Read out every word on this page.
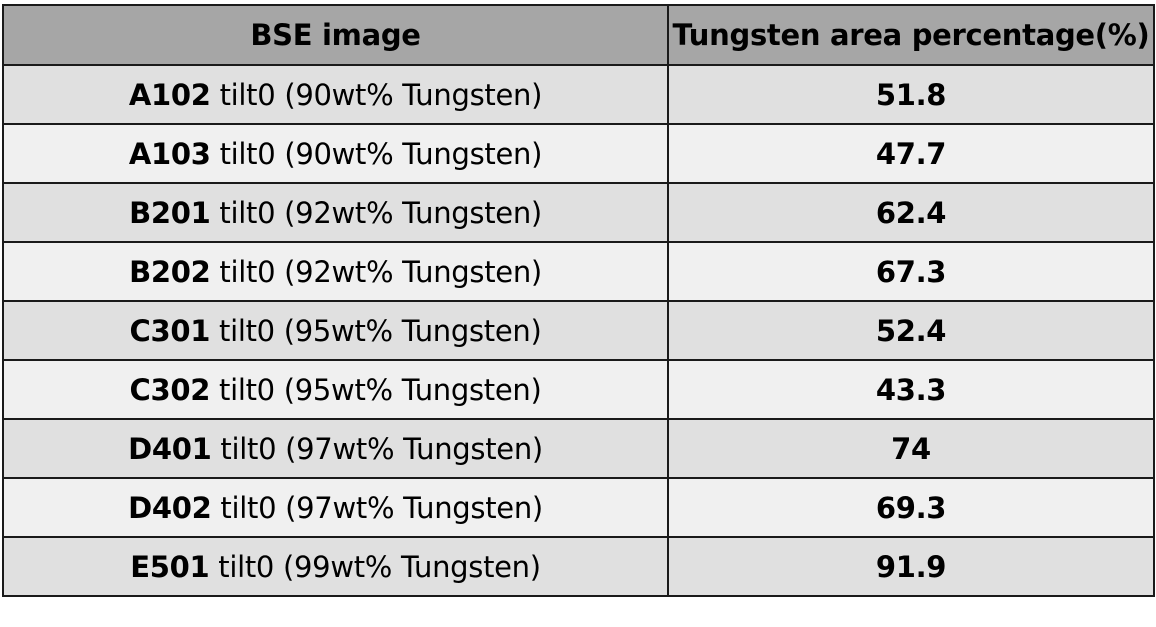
BSE image	Tungsten area percentage(%)
A102 tilt0 (90wt% Tungsten)	51.8
A103 tilt0 (90wt% Tungsten)	47.7
B201 tilt0 (92wt% Tungsten)	62.4
B202 tilt0 (92wt% Tungsten)	67.3
C301 tilt0 (95wt% Tungsten)	52.4
C302 tilt0 (95wt% Tungsten)	43.3
D401 tilt0 (97wt% Tungsten)	74
D402 tilt0 (97wt% Tungsten)	69.3
E501 tilt0 (99wt% Tungsten)	91.9
